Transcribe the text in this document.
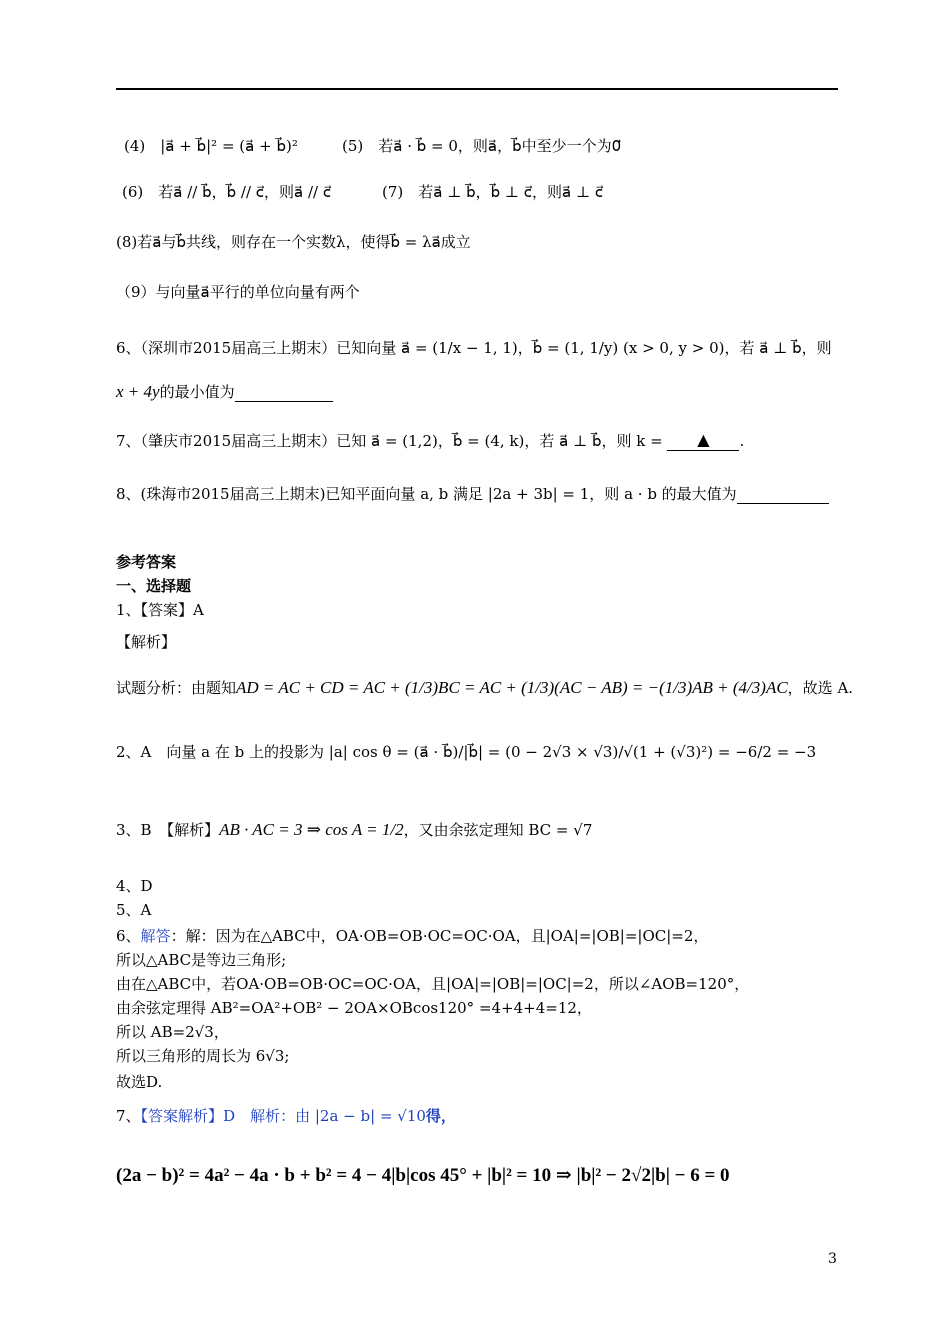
(4)　|a⃗ + b⃗|² = (a⃗ + b⃗)²	(5)　若a⃗ · b⃗ = 0，则a⃗，b⃗中至少一个为0⃗
(6)　若a⃗ // b⃗，b⃗ // c⃗，则a⃗ // c⃗	(7)　若a⃗ ⊥ b⃗，b⃗ ⊥ c⃗，则a⃗ ⊥ c⃗
(8)若a⃗与b⃗共线，则存在一个实数λ，使得b⃗ = λa⃗成立
（9）与向量a⃗平行的单位向量有两个
6、（深圳市2015届高三上期末）已知向量 a⃗ = (1/x − 1, 1)，b⃗ = (1, 1/y) (x > 0, y > 0)，若 a⃗ ⊥ b⃗，则
x + 4y的最小值为
7、（肇庆市2015届高三上期末）已知 a⃗ = (1,2)，b⃗ = (4, k)，若 a⃗ ⊥ b⃗，则 k = ▲ .
8、(珠海市2015届高三上期末)已知平面向量 a, b 满足 |2a + 3b| = 1，则 a · b 的最大值为
参考答案
一、选择题
1、【答案】A
【解析】
试题分析：由题知AD = AC + CD = AC + (1/3)BC = AC + (1/3)(AC − AB) = −(1/3)AB + (4/3)AC，故选 A.
2、A　向量 a 在 b 上的投影为 |a| cos θ = (a⃗ · b⃗)/|b⃗| = (0 − 2√3 × √3)/√(1 + (√3)²) = −6/2 = −3
3、B　【解析】AB · AC = 3 ⇒ cos A = 1/2，又由余弦定理知 BC = √7
4、D
5、A
6、解答：解：因为在△ABC中，OA·OB=OB·OC=OC·OA，且|OA|=|OB|=|OC|=2，
所以△ABC是等边三角形;
由在△ABC中，若OA·OB=OB·OC=OC·OA，且|OA|=|OB|=|OC|=2，所以∠AOB=120°，
由余弦定理得 AB²=OA²+OB² − 2OA×OBcos120° =4+4+4=12，
所以 AB=2√3，
所以三角形的周长为 6√3;
故选D.
7、【答案解析】D　解析：由 |2a − b| = √10得，
(2a − b)² = 4a² − 4a · b + b² = 4 − 4|b|cos 45° + |b|² = 10 ⇒ |b|² − 2√2|b| − 6 = 0
3
